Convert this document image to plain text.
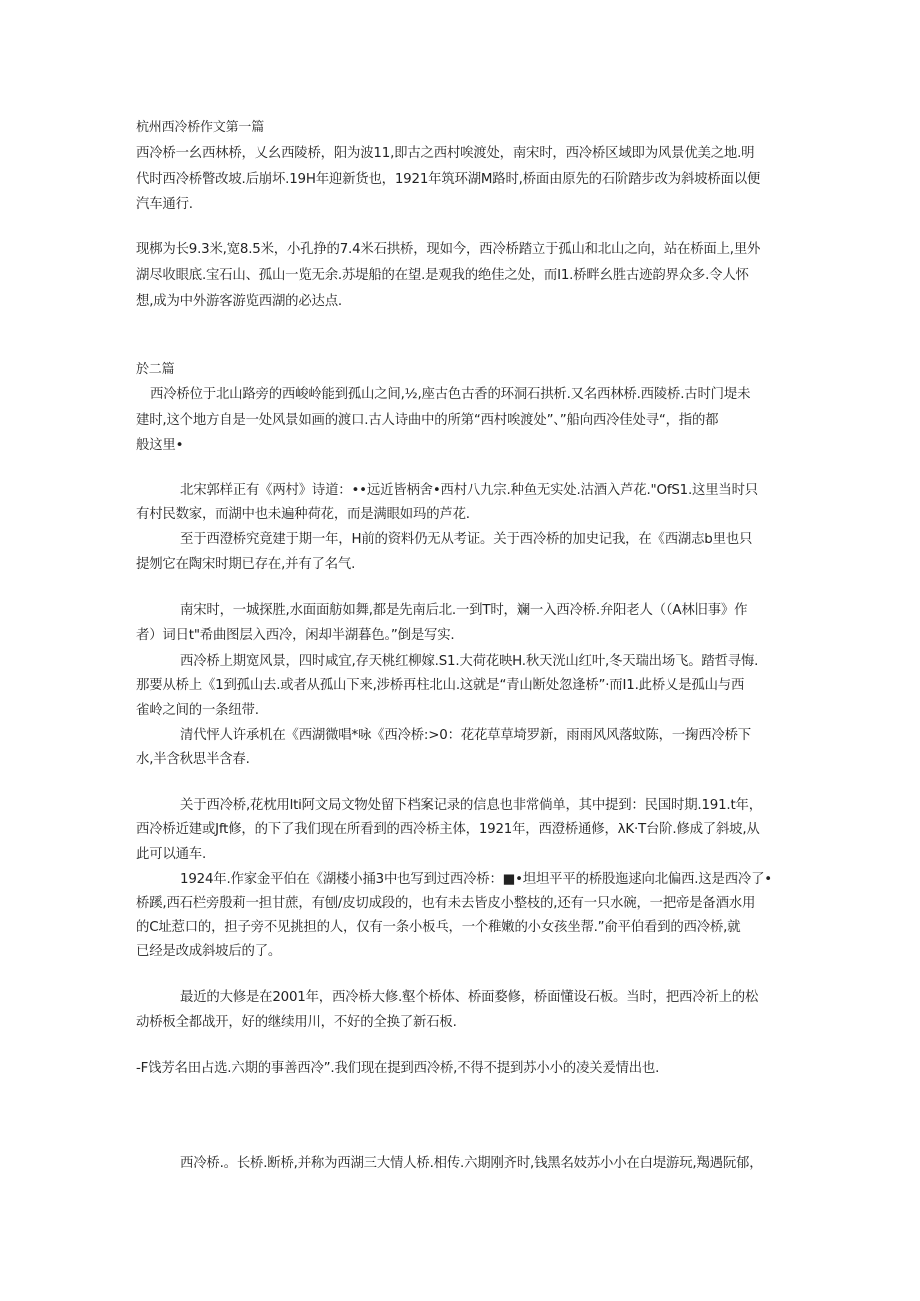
杭州西冷桥作文第一篇
西冷桥一幺西林桥，乂幺西陵桥，阳为波11,即古之西村唉渡处，南宋时，西冷桥区域即为风景优美之地.明
代时西冷桥瞥改坡.后崩坏.19H年迎新货也，1921年筑环湖M路时,桥面由原先的石阶踏步改为斜坡桥面以便
汽车通行.
现梆为长9.3米,宽8.5米，小孔挣的7.4米石拱桥，现如今，西冷桥踏立于孤山和北山之向，站在桥面上,里外
湖尽收眼底.宝石山、孤山一览无余.苏堤船的在望.是观我的绝佳之处，而I1.桥畔幺胜古迹韵界众多.令人怀
想,成为中外游客游览西湖的必达点.
於二篇
西冷桥位于北山路旁的西峻岭能到孤山之间,½,座古色古香的环洞石拱析.又名西林桥.西陵桥.古时门堤未
建时,这个地方自是一处风景如画的渡口.古人诗曲中的所第“西村唉渡处”、”船向西冷佳处寻“，指的都
般这里•
北宋郭样正有《两村》诗道：••远近皆柄舍•西村八九宗.种鱼无实处.沽酒入芦花."OfS1.这里当时只
有村民数家，而湖中也未遍种荷花，而是满眼如玛的芦花.
至于西澄桥究竟建于期一年，H前的资料仍无从考证。关于西冷桥的加史记我，在《西湖志b里也只
提刎它在陶宋时期已存在,并有了名气.
南宋时，一城探胜,水面面舫如舞,都是先南后北.一到T时，斓一入西冷桥.弁阳老人（（A林旧事》作
者）词日t"希曲图层入西冷，闲却半湖暮色。”倒是写实.
西冷桥上期宽风景，四时咸宜,存天桃红柳嫁.S1.大荷花映H.秋天洸山红叶,冬天瑞出场飞。踏哲寻悔.
那要从桥上《1到孤山去.或者从孤山下来,涉桥再柱北山.这就是“青山断处忽逢桥”·而I1.此桥乂是孤山与西
雀岭之间的一条纽带.
清代怦人许承机在《西湖微唱*咏《西冷桥:>0：花花草草埼罗新，雨雨风风落蚊陈，一掬西冷桥下
水,半含秋思半含春.
关于西冷桥,花枕用lti阿文局文物处留下档案记录的信息也非常倘单，其中提到：民国时期.191.t年，
西冷桥近建或Jft修，的下了我们现在所看到的西冷桥主体，1921年，西澄桥通修，λK·T台阶.修成了斜坡,从
此可以通车.
1924年.作家金平伯在《湖楼小捅3中也写到过西冷桥：■•坦坦平平的桥股迤逑向北偏西.这是西冷了•
桥蹊,西石栏旁殷莉一担甘蔗，有刨/皮切成段的，也有未去皆皮小整枝的,还有一只水碗，一把帝是备酒水用
的C址惹口的，担子旁不见挑担的人，仅有一条小板乓，一个稚嫩的小女孩坐帮.”俞平伯看到的西冷桥,就
已经是改成斜坡后的了。
最近的大修是在2001年，西冷桥大修.壑个桥体、桥面婺修，桥面懂设石板。当时，把西冷祈上的松
动桥板全都战开，好的继续用川，不好的全换了新石板.
-F饯芳名田占选.六期的事善西冷”.我们现在提到西冷桥,不得不提到苏小小的凌关爰情出也.
西冷桥.。长桥.断桥,并称为西湖三大情人桥.相传.六期刚齐时,钱黑名妓苏小小在白堤游玩,羯遇阮郁，
